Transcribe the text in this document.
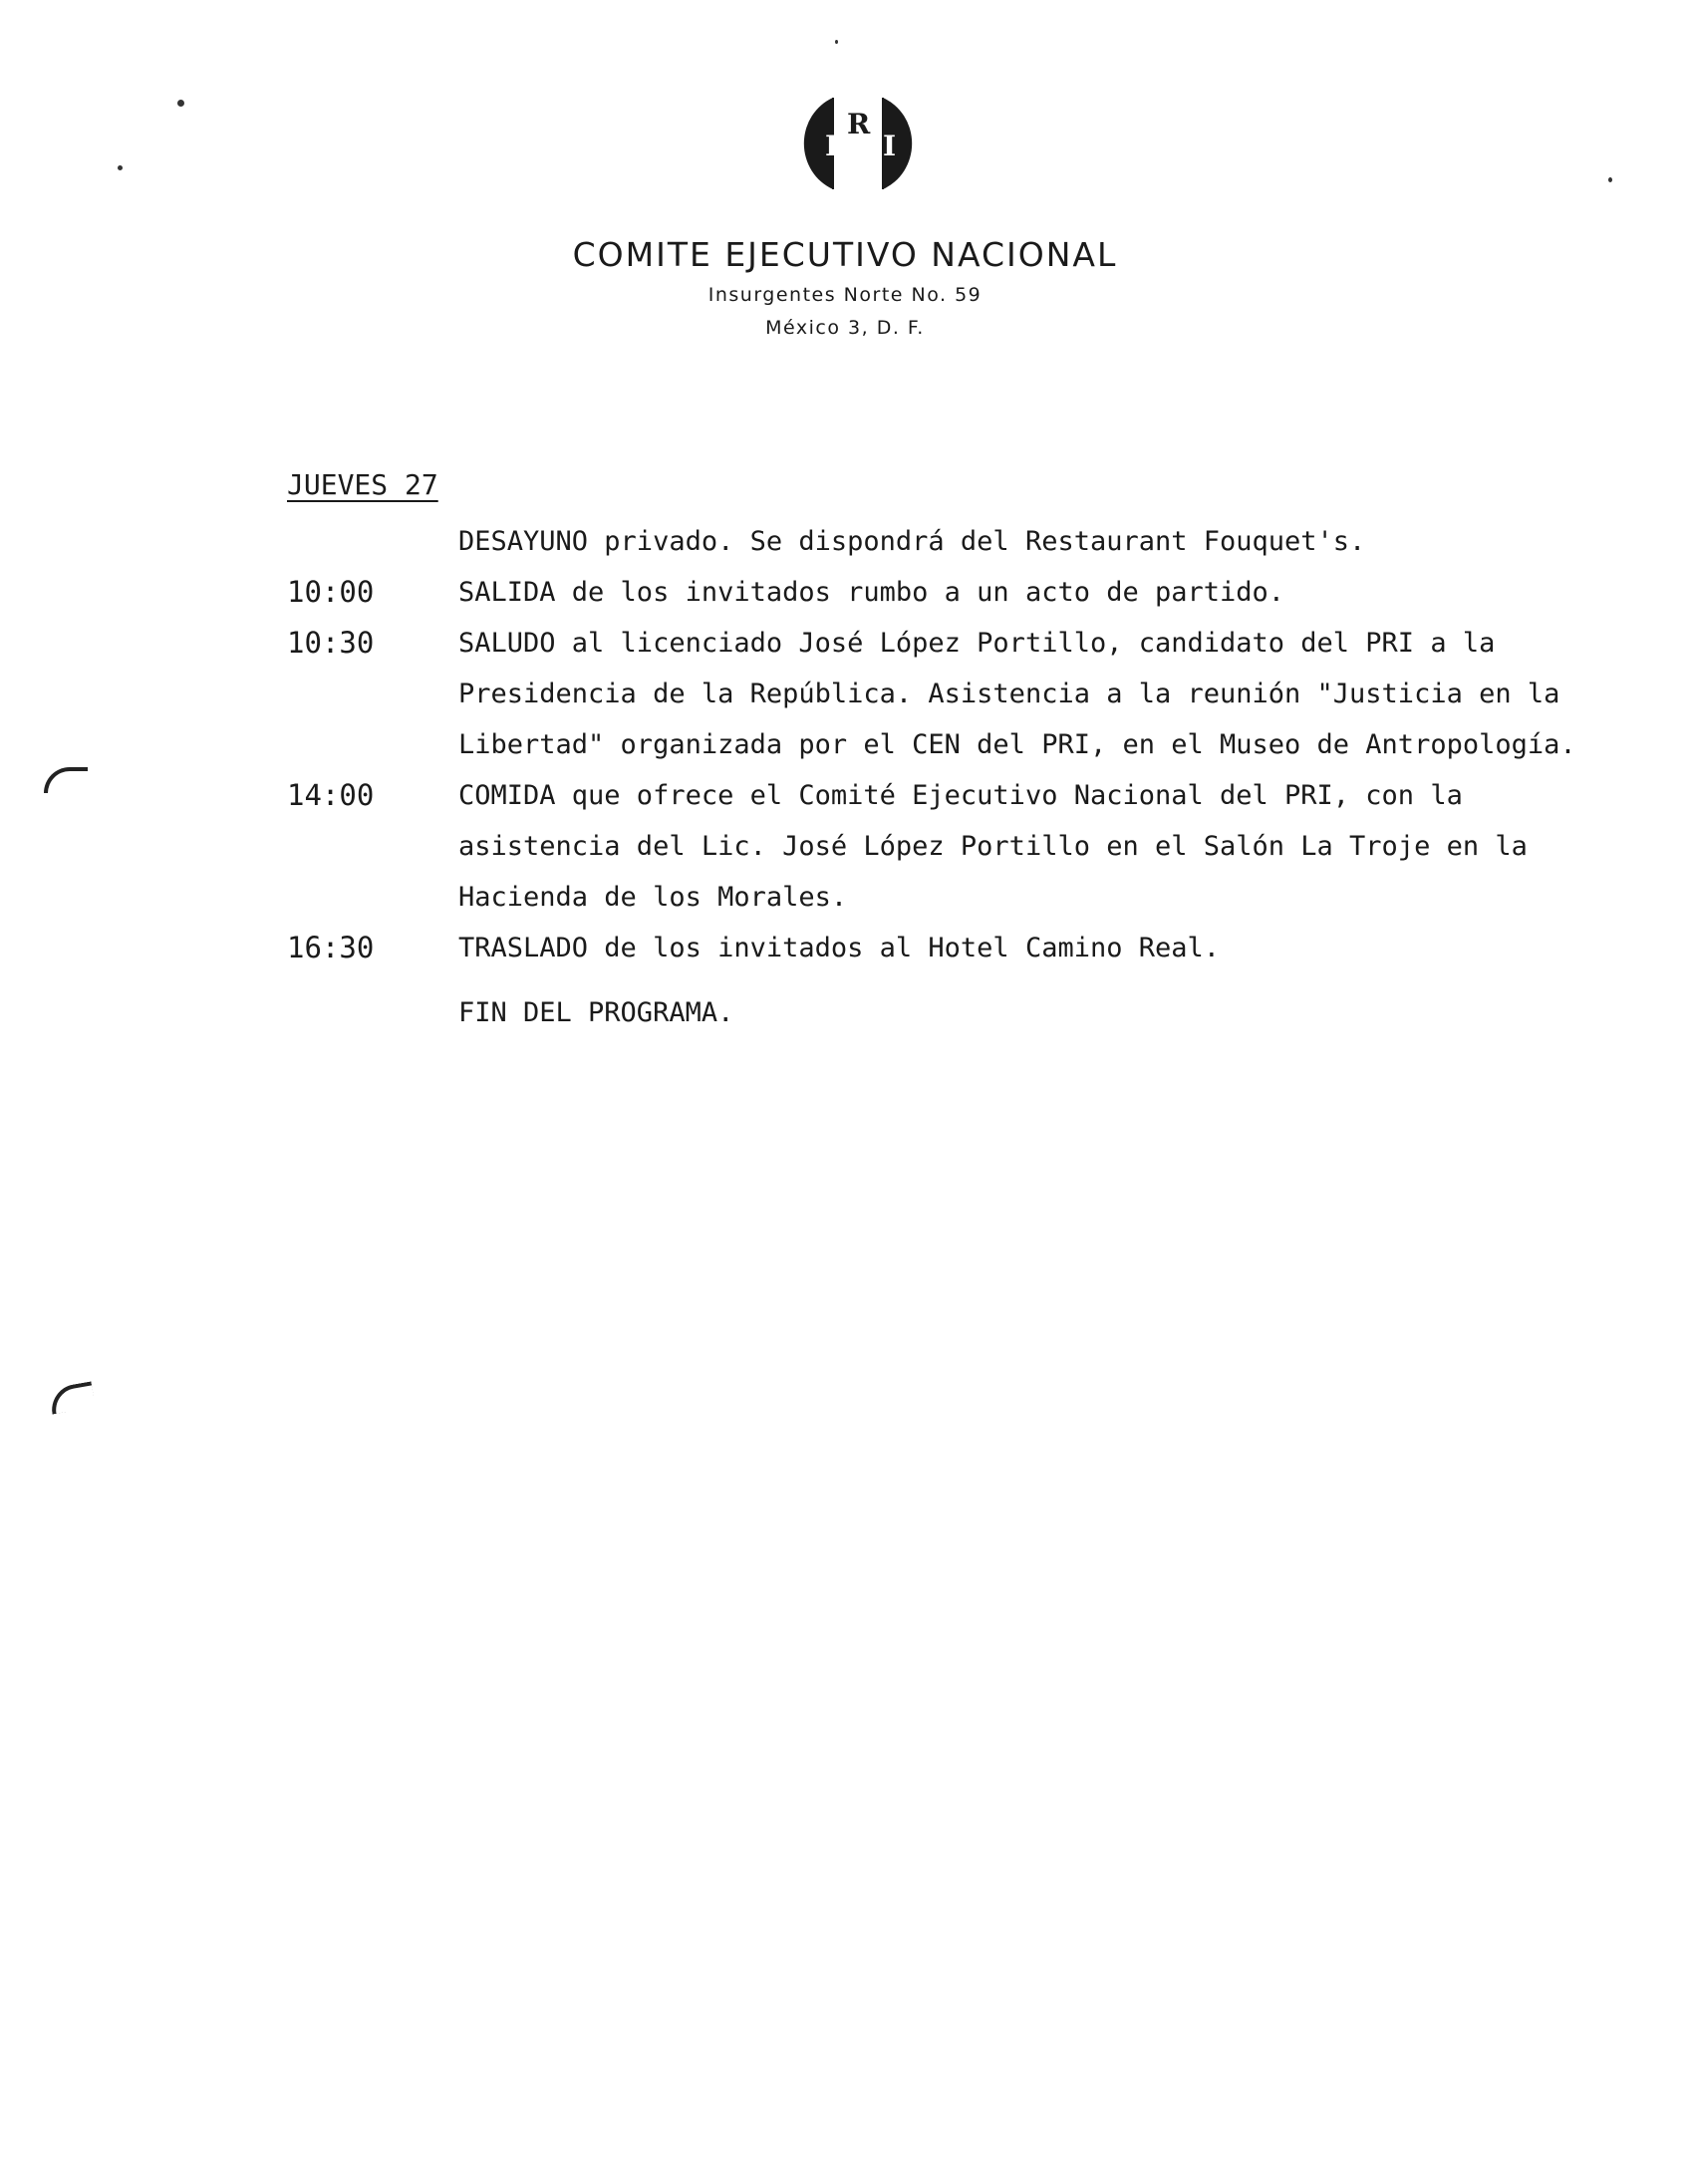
P
R
I
COMITE EJECUTIVO NACIONAL
Insurgentes Norte No. 59
México 3, D. F.
JUEVES 27
DESAYUNO privado. Se dispondrá del Restaurant Fouquet's.
10:00	SALIDA de los invitados rumbo a un acto de partido.
10:30	SALUDO al licenciado José López Portillo, candidato del PRI a la Presidencia de la República. Asistencia a la reunión "Justicia en la Libertad" organizada por el CEN del PRI, en el Museo de Antropología.
14:00	COMIDA que ofrece el Comité Ejecutivo Nacional del PRI, con la asistencia del Lic. José López Portillo en el Salón La Troje en la Hacienda de los Morales.
16:30	TRASLADO de los invitados al Hotel Camino Real.
FIN DEL PROGRAMA.
